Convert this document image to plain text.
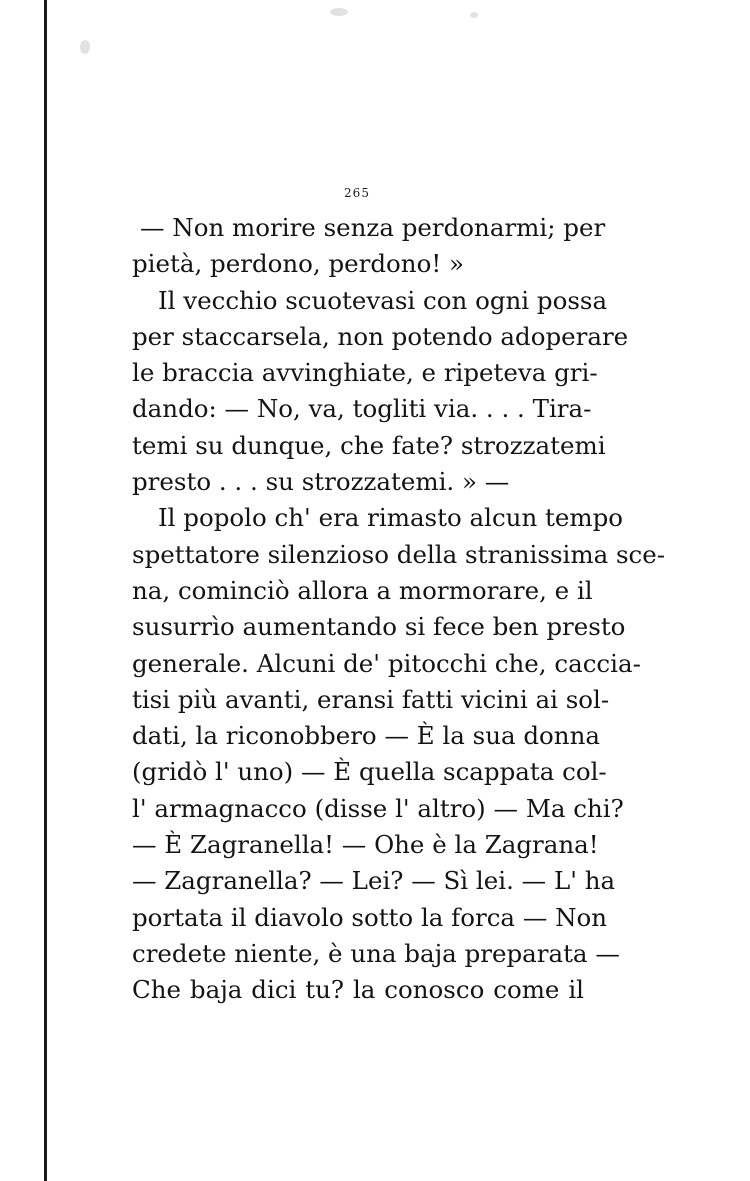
265
— Non morire senza perdonarmi; per
pietà, perdono, perdono! »
Il vecchio scuotevasi con ogni possa
per staccarsela, non potendo adoperare
le braccia avvinghiate, e ripeteva gri-
dando: — No, va, togliti via. . . . Tira-
temi su dunque, che fate? strozzatemi
presto . . . su strozzatemi. » —
Il popolo ch' era rimasto alcun tempo
spettatore silenzioso della stranissima sce-
na, cominciò allora a mormorare, e il
susurrìo aumentando si fece ben presto
generale. Alcuni de' pitocchi che, caccia-
tisi più avanti, eransi fatti vicini ai sol-
dati, la riconobbero — È la sua donna
(gridò l' uno) — È quella scappata col-
l' armagnacco (disse l' altro) — Ma chi?
— È Zagranella! — Ohe è la Zagrana!
— Zagranella? — Lei? — Sì lei. — L' ha
portata il diavolo sotto la forca — Non
credete niente, è una baja preparata —
Che baja dici tu? la conosco come il
